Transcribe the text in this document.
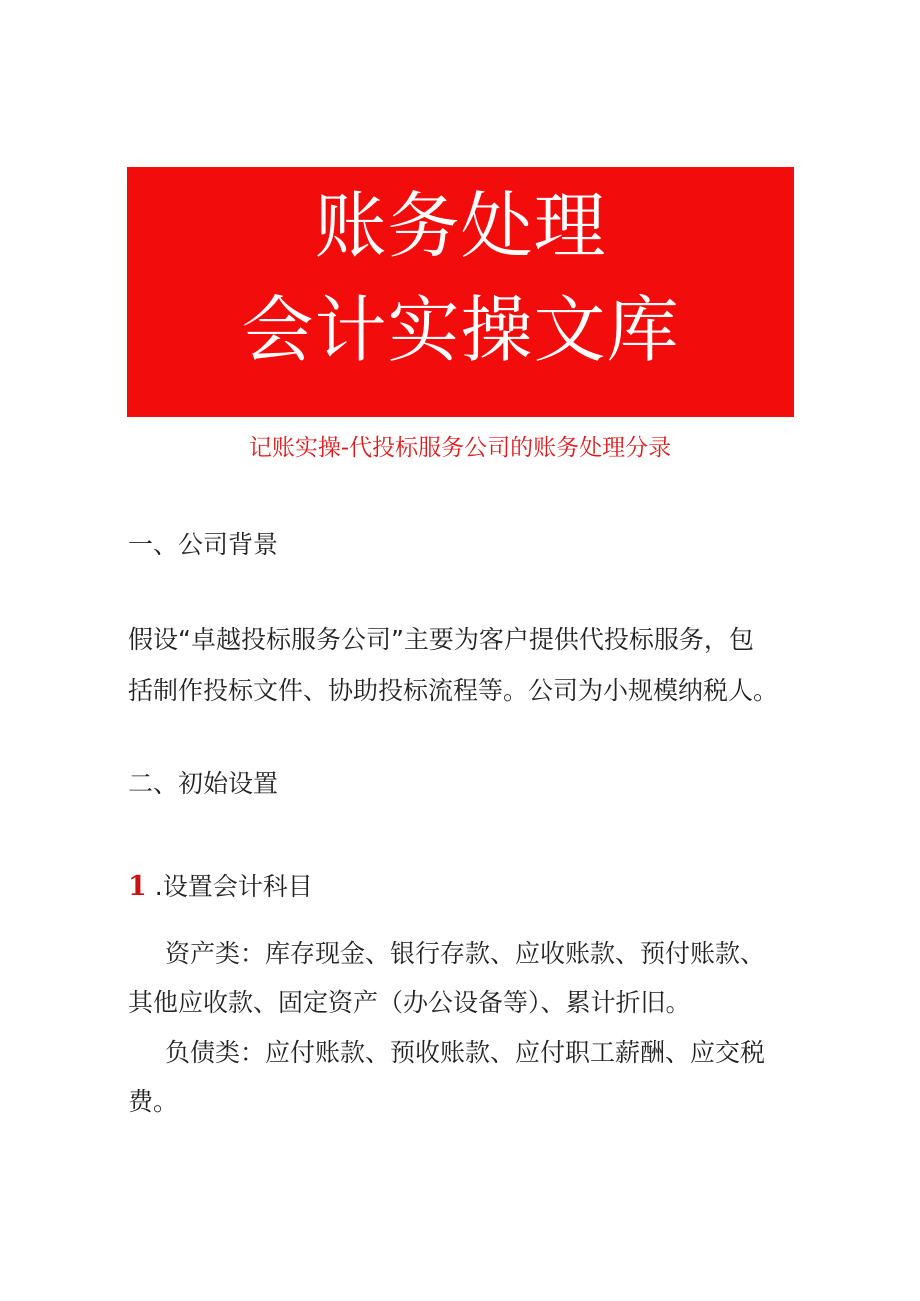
账务处理
会计实操文库
记账实操-代投标服务公司的账务处理分录
一、公司背景
假设“卓越投标服务公司”主要为客户提供代投标服务，包
括制作投标文件、协助投标流程等。公司为小规模纳税人。
二、初始设置
1 .设置会计科目
资产类：库存现金、银行存款、应收账款、预付账款、
其他应收款、固定资产（办公设备等）、累计折旧。
负债类：应付账款、预收账款、应付职工薪酬、应交税
费。
